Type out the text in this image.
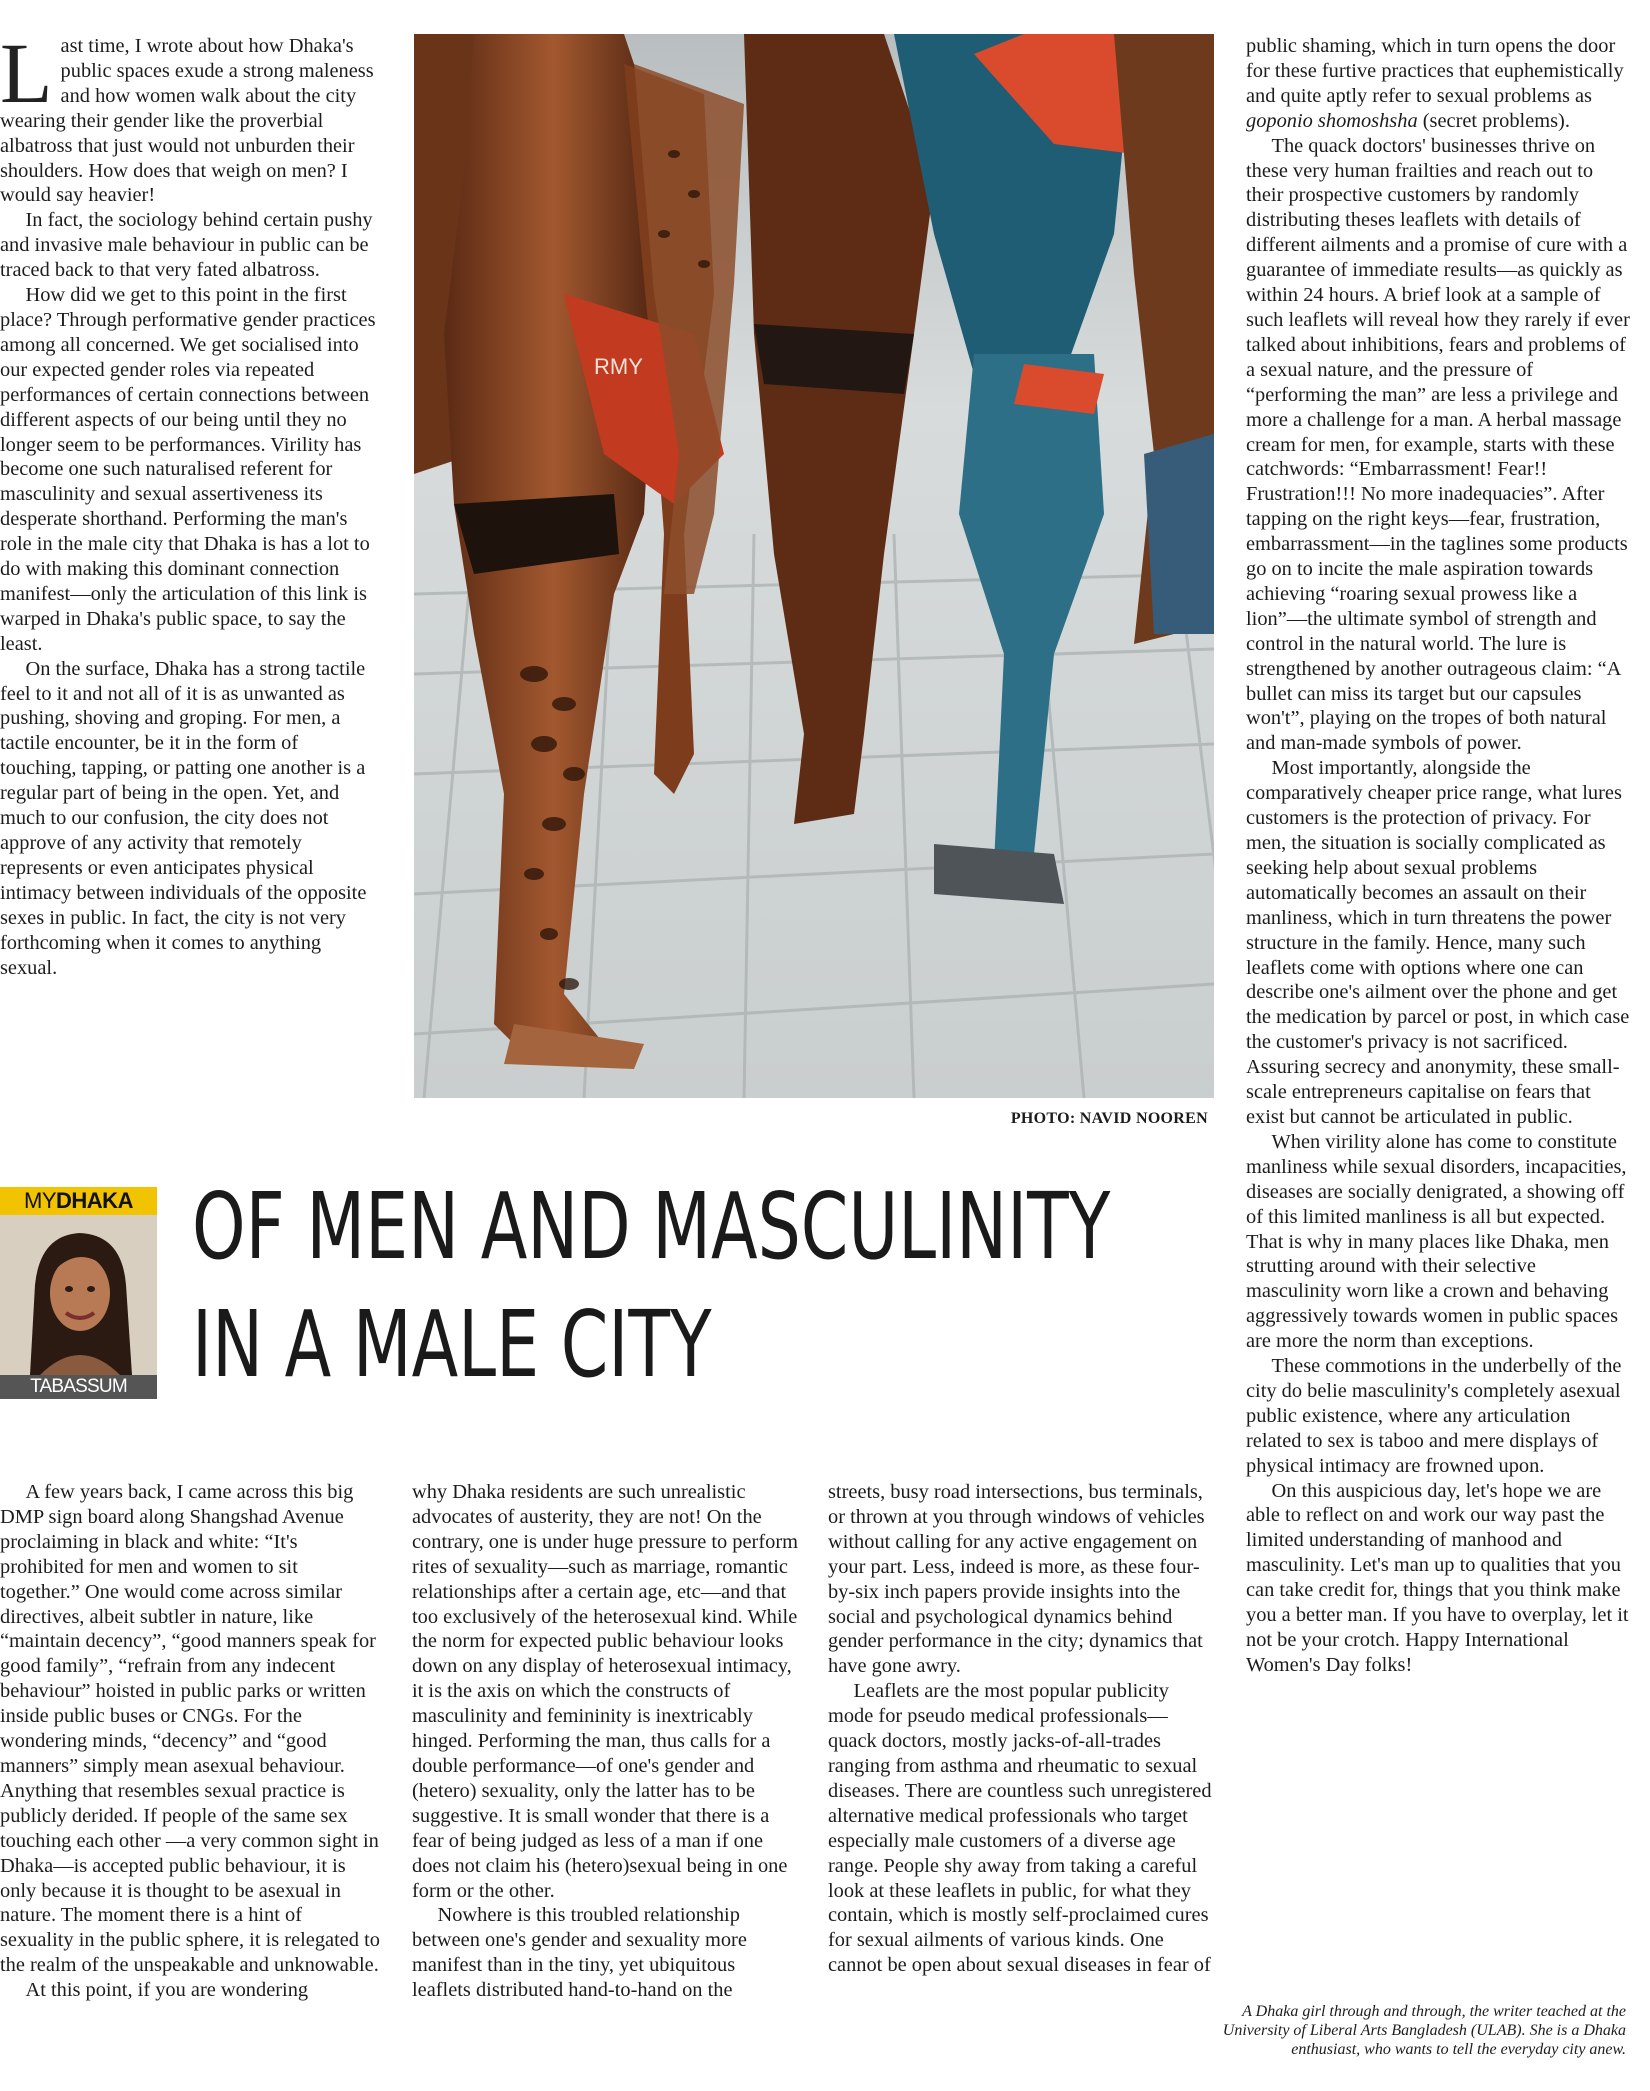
Last time, I wrote about how Dhaka's public spaces exude a strong maleness and how women walk about the city wearing their gender like the proverbial albatross that just would not unburden their shoulders. How does that weigh on men? I would say heavier!

In fact, the sociology behind certain pushy and invasive male behaviour in public can be traced back to that very fated albatross.

How did we get to this point in the first place? Through performative gender practices among all concerned. We get socialised into our expected gender roles via repeated performances of certain connections between different aspects of our being until they no longer seem to be performances. Virility has become one such naturalised referent for masculinity and sexual assertiveness its desperate shorthand. Performing the man's role in the male city that Dhaka is has a lot to do with making this dominant connection manifest—only the articulation of this link is warped in Dhaka's public space, to say the least.

On the surface, Dhaka has a strong tactile feel to it and not all of it is as unwanted as pushing, shoving and groping. For men, a tactile encounter, be it in the form of touching, tapping, or patting one another is a regular part of being in the open. Yet, and much to our confusion, the city does not approve of any activity that remotely represents or even anticipates physical intimacy between individuals of the opposite sexes in public. In fact, the city is not very forthcoming when it comes to anything sexual.

RMY
PHOTO: NAVID NOOREN

public shaming, which in turn opens the door for these furtive practices that euphemistically and quite aptly refer to sexual problems as goponio shomoshsha (secret problems).

The quack doctors' businesses thrive on these very human frailties and reach out to their prospective customers by randomly distributing theses leaflets with details of different ailments and a promise of cure with a guarantee of immediate results—as quickly as within 24 hours. A brief look at a sample of such leaflets will reveal how they rarely if ever talked about inhibitions, fears and problems of a sexual nature, and the pressure of “performing the man” are less a privilege and more a challenge for a man. A herbal massage cream for men, for example, starts with these catchwords: “Embarrassment! Fear!! Frustration!!! No more inadequacies”. After tapping on the right keys—fear, frustration, embarrassment—in the taglines some products go on to incite the male aspiration towards achieving “roaring sexual prowess like a lion”—the ultimate symbol of strength and control in the natural world. The lure is strengthened by another outrageous claim: “A bullet can miss its target but our capsules won't”, playing on the tropes of both natural and man-made symbols of power.

Most importantly, alongside the comparatively cheaper price range, what lures customers is the protection of privacy. For men, the situation is socially complicated as seeking help about sexual problems automatically becomes an assault on their manliness, which in turn threatens the power structure in the family. Hence, many such leaflets come with options where one can describe one's ailment over the phone and get the medication by parcel or post, in which case the customer's privacy is not sacrificed. Assuring secrecy and anonymity, these small-scale entrepreneurs capitalise on fears that exist but cannot be articulated in public.

When virility alone has come to constitute manliness while sexual disorders, incapacities, diseases are socially denigrated, a showing off of this limited manliness is all but expected. That is why in many places like Dhaka, men strutting around with their selective masculinity worn like a crown and behaving aggressively towards women in public spaces are more the norm than exceptions.

These commotions in the underbelly of the city do belie masculinity's completely asexual public existence, where any articulation related to sex is taboo and mere displays of physical intimacy are frowned upon.

On this auspicious day, let's hope we are able to reflect on and work our way past the limited understanding of manhood and masculinity. Let's man up to qualities that you can take credit for, things that you think make you a better man. If you have to overplay, let it not be your crotch. Happy International Women's Day folks!

A Dhaka girl through and through, the writer teached at the University of Liberal Arts Bangladesh (ULAB). She is a Dhaka enthusiast, who wants to tell the everyday city anew.
MYDHAKA
TABASSUM ZAMAN
OF MEN AND MASCULINITY
IN A MALE CITY

A few years back, I came across this big DMP sign board along Shangshad Avenue proclaiming in black and white: “It's prohibited for men and women to sit together.” One would come across similar directives, albeit subtler in nature, like “maintain decency”, “good manners speak for good family”, “refrain from any indecent behaviour” hoisted in public parks or written inside public buses or CNGs. For the wondering minds, “decency” and “good manners” simply mean asexual behaviour. Anything that resembles sexual practice is publicly derided. If people of the same sex touching each other —a very common sight in Dhaka—is accepted public behaviour, it is only because it is thought to be asexual in nature. The moment there is a hint of sexuality in the public sphere, it is relegated to the realm of the unspeakable and unknowable.

At this point, if you are wondering

why Dhaka residents are such unrealistic advocates of austerity, they are not! On the contrary, one is under huge pressure to perform rites of sexuality—such as marriage, romantic relationships after a certain age, etc—and that too exclusively of the heterosexual kind. While the norm for expected public behaviour looks down on any display of heterosexual intimacy, it is the axis on which the constructs of masculinity and femininity is inextricably hinged. Performing the man, thus calls for a double performance—of one's gender and (hetero) sexuality, only the latter has to be suggestive. It is small wonder that there is a fear of being judged as less of a man if one does not claim his (hetero)sexual being in one form or the other.

Nowhere is this troubled relationship between one's gender and sexuality more manifest than in the tiny, yet ubiquitous leaflets distributed hand-to-hand on the

streets, busy road intersections, bus terminals, or thrown at you through windows of vehicles without calling for any active engagement on your part. Less, indeed is more, as these four-by-six inch papers provide insights into the social and psychological dynamics behind gender performance in the city; dynamics that have gone awry.

Leaflets are the most popular publicity mode for pseudo medical professionals—quack doctors, mostly jacks-of-all-trades ranging from asthma and rheumatic to sexual diseases. There are countless such unregistered alternative medical professionals who target especially male customers of a diverse age range. People shy away from taking a careful look at these leaflets in public, for what they contain, which is mostly self-proclaimed cures for sexual ailments of various kinds. One cannot be open about sexual diseases in fear of
